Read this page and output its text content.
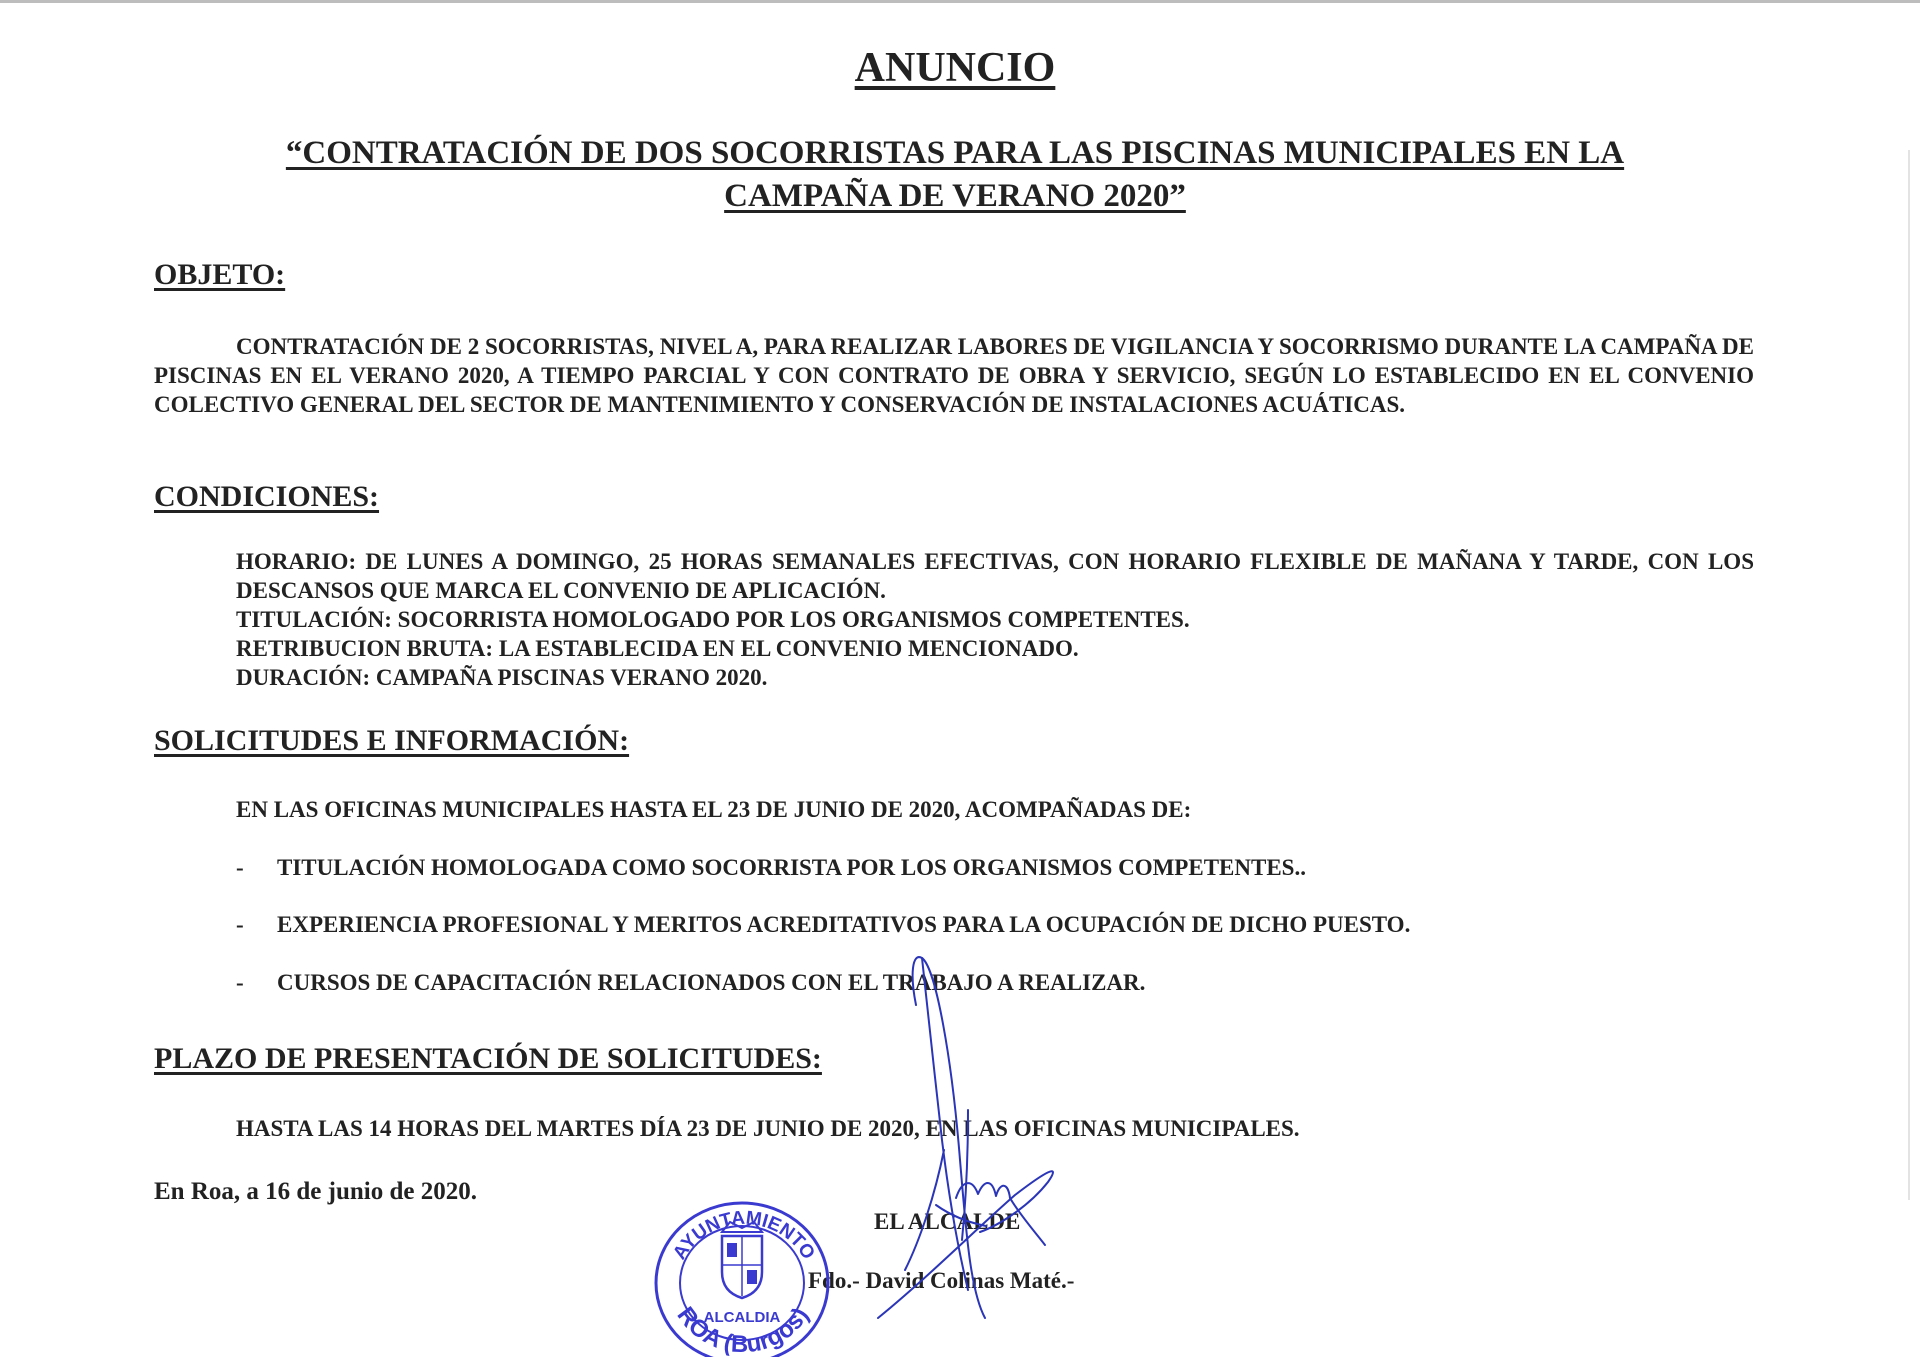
ANUNCIO
“CONTRATACIÓN DE DOS SOCORRISTAS PARA LAS PISCINAS MUNICIPALES EN LA
CAMPAÑA DE VERANO 2020”
OBJETO:
CONTRATACIÓN DE 2 SOCORRISTAS, NIVEL A, PARA REALIZAR LABORES DE VIGILANCIA Y SOCORRISMO DURANTE LA CAMPAÑA DE PISCINAS EN EL VERANO 2020, A TIEMPO PARCIAL Y CON CONTRATO DE OBRA Y SERVICIO, SEGÚN LO ESTABLECIDO EN EL CONVENIO COLECTIVO GENERAL DEL SECTOR DE MANTENIMIENTO Y CONSERVACIÓN DE INSTALACIONES ACUÁTICAS.
CONDICIONES:
HORARIO: DE LUNES A DOMINGO, 25 HORAS SEMANALES EFECTIVAS, CON HORARIO FLEXIBLE DE MAÑANA Y TARDE, CON LOS DESCANSOS QUE MARCA EL CONVENIO DE APLICACIÓN.
TITULACIÓN: SOCORRISTA HOMOLOGADO POR LOS ORGANISMOS COMPETENTES.
RETRIBUCION BRUTA: LA ESTABLECIDA EN EL CONVENIO MENCIONADO.
DURACIÓN: CAMPAÑA PISCINAS VERANO 2020.
SOLICITUDES E INFORMACIÓN:
EN LAS OFICINAS MUNICIPALES HASTA EL 23 DE JUNIO DE 2020, ACOMPAÑADAS DE:
- TITULACIÓN HOMOLOGADA COMO SOCORRISTA POR LOS ORGANISMOS COMPETENTES..
- EXPERIENCIA PROFESIONAL Y MERITOS ACREDITATIVOS PARA LA OCUPACIÓN DE DICHO PUESTO.
- CURSOS DE CAPACITACIÓN RELACIONADOS CON EL TRABAJO A REALIZAR.
PLAZO DE PRESENTACIÓN DE SOLICITUDES:
HASTA LAS 14 HORAS DEL MARTES DÍA 23 DE JUNIO DE 2020, EN LAS OFICINAS MUNICIPALES.
En Roa, a 16 de junio de 2020.
EL ALCALDE
Fdo.- David Colinas Maté.-
AYUNTAMIENTO
ROA (Burgos)
ALCALDIA
